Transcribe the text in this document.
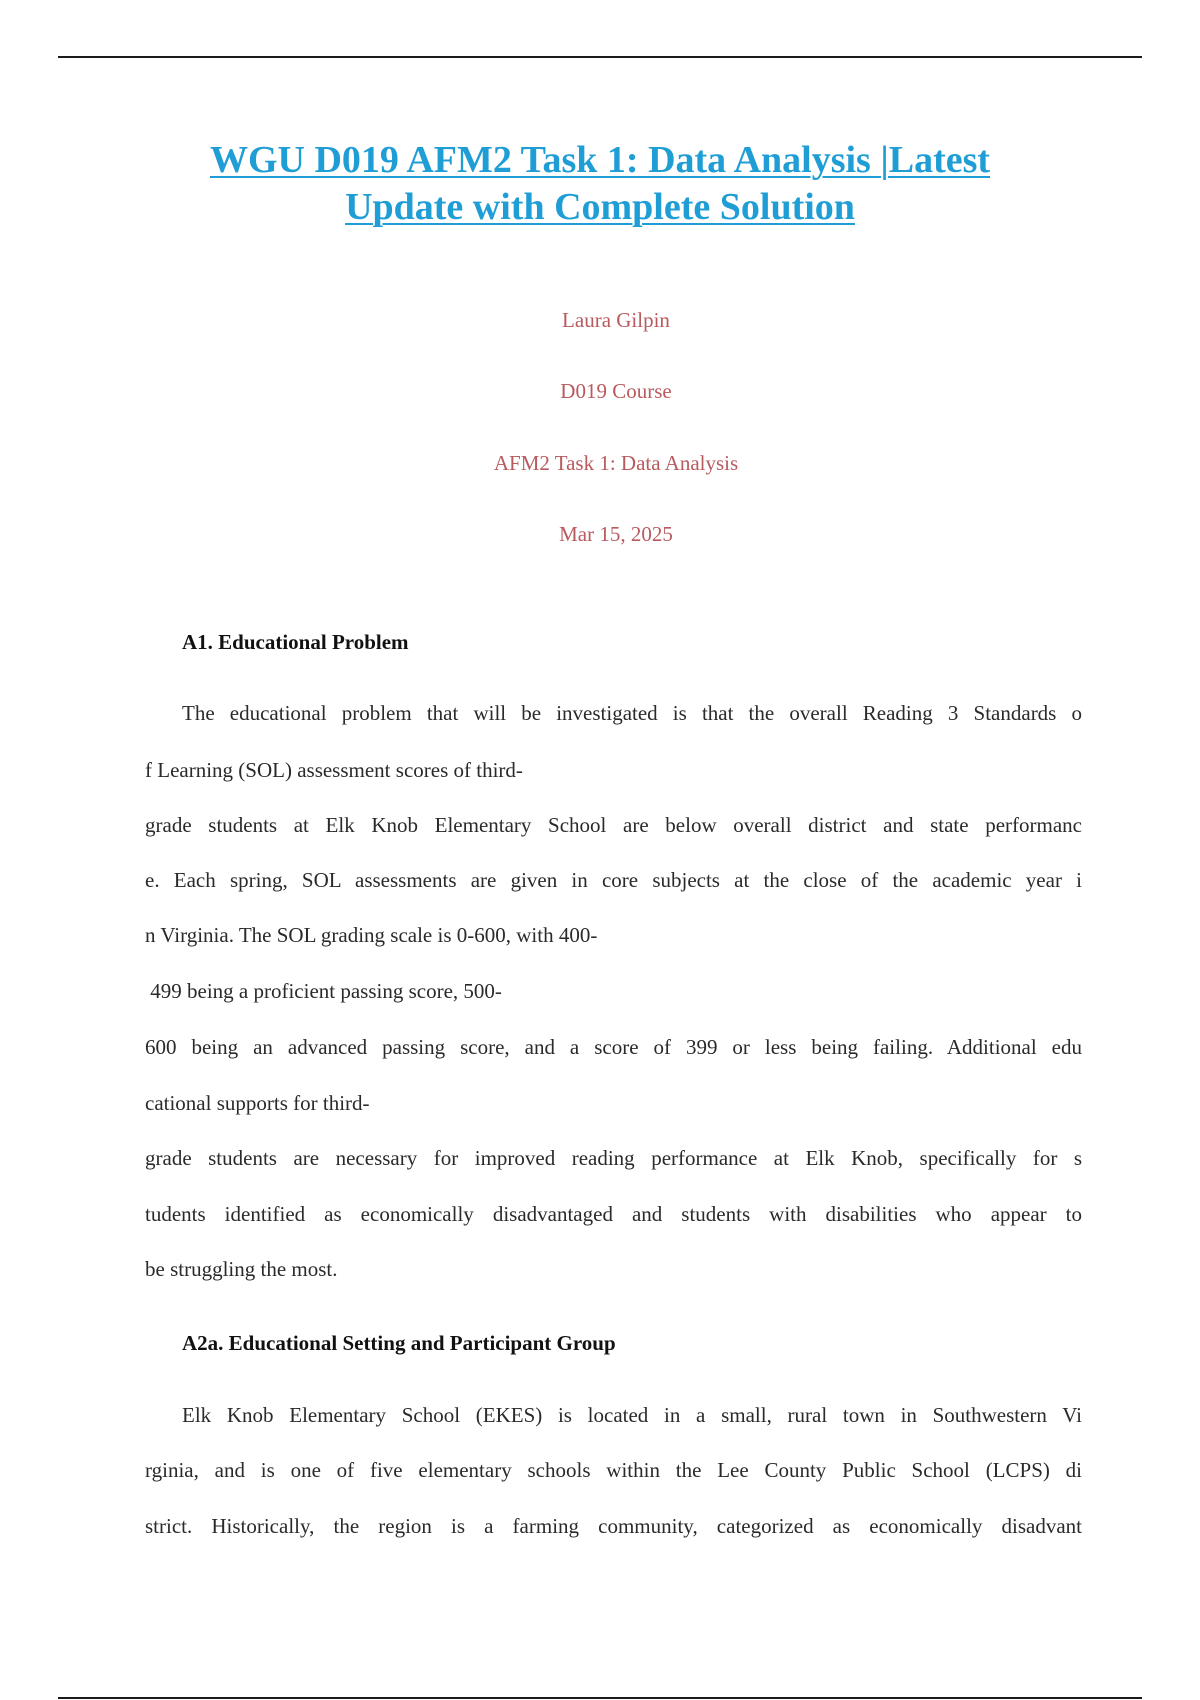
WGU D019 AFM2 Task 1: Data Analysis |Latest
Update with Complete Solution
Laura Gilpin
D019 Course
AFM2 Task 1: Data Analysis
Mar 15, 2025
A1. Educational Problem
The educational problem that will be investigated is that the overall Reading 3 Standards o
f Learning (SOL) assessment scores of third-
grade students at Elk Knob Elementary School are below overall district and state performanc
e. Each spring, SOL assessments are given in core subjects at the close of the academic year i
n Virginia. The SOL grading scale is 0-600, with 400-
499 being a proficient passing score, 500-
600 being an advanced passing score, and a score of 399 or less being failing. Additional edu
cational supports for third-
grade students are necessary for improved reading performance at Elk Knob, specifically for s
tudents identified as economically disadvantaged and students with disabilities who appear to
be struggling the most.
A2a. Educational Setting and Participant Group
Elk Knob Elementary School (EKES) is located in a small, rural town in Southwestern Vi
rginia, and is one of five elementary schools within the Lee County Public School (LCPS) di
strict. Historically, the region is a farming community, categorized as economically disadvant
